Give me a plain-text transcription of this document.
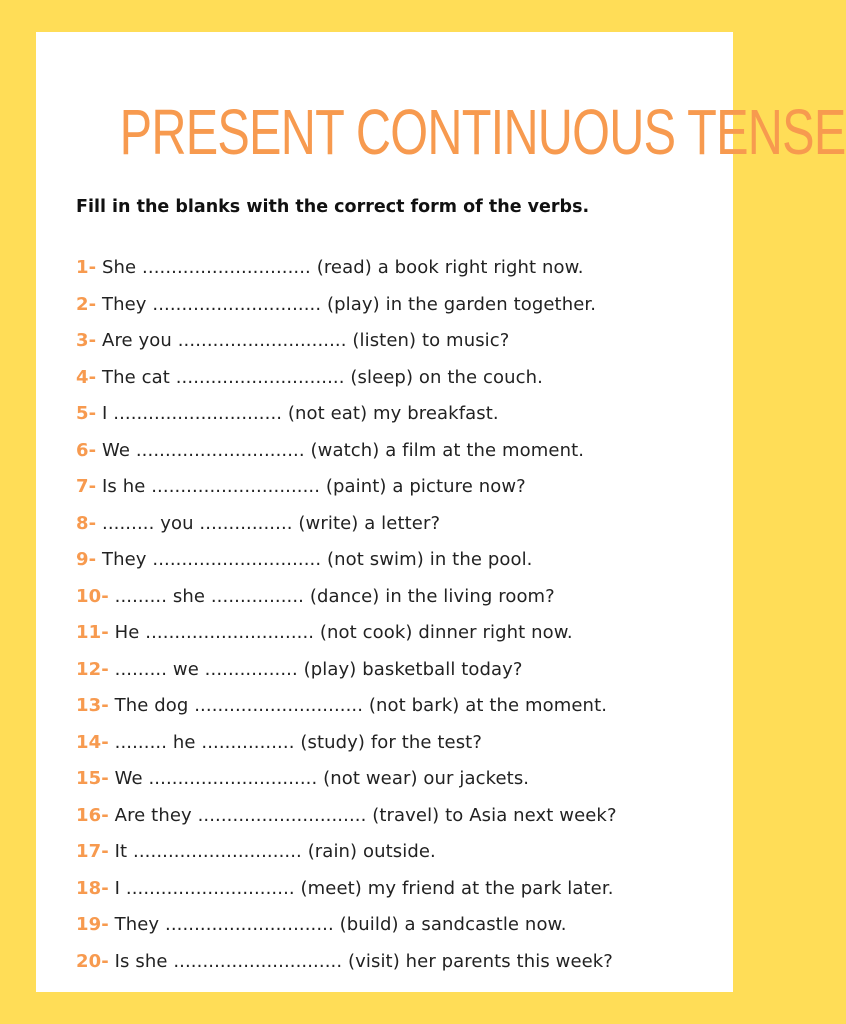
PRESENT CONTINUOUS TENSE

Fill in the blanks with the correct form of the verbs.

1- She ............................. (read) a book right right now.
2- They ............................. (play) in the garden together.
3- Are you ............................. (listen) to music?
4- The cat ............................. (sleep) on the couch.
5- I ............................. (not eat) my breakfast.
6- We ............................. (watch) a film at the moment.
7- Is he ............................. (paint) a picture now?
8- ......... you ................ (write) a letter?
9- They ............................. (not swim) in the pool.
10- ......... she ................ (dance) in the living room?
11- He ............................. (not cook) dinner right now.
12- ......... we ................ (play) basketball today?
13- The dog ............................. (not bark) at the moment.
14- ......... he ................ (study) for the test?
15- We ............................. (not wear) our jackets.
16- Are they ............................. (travel) to Asia next week?
17- It ............................. (rain) outside.
18- I ............................. (meet) my friend at the park later.
19- They ............................. (build) a sandcastle now.
20- Is she ............................. (visit) her parents this week?
